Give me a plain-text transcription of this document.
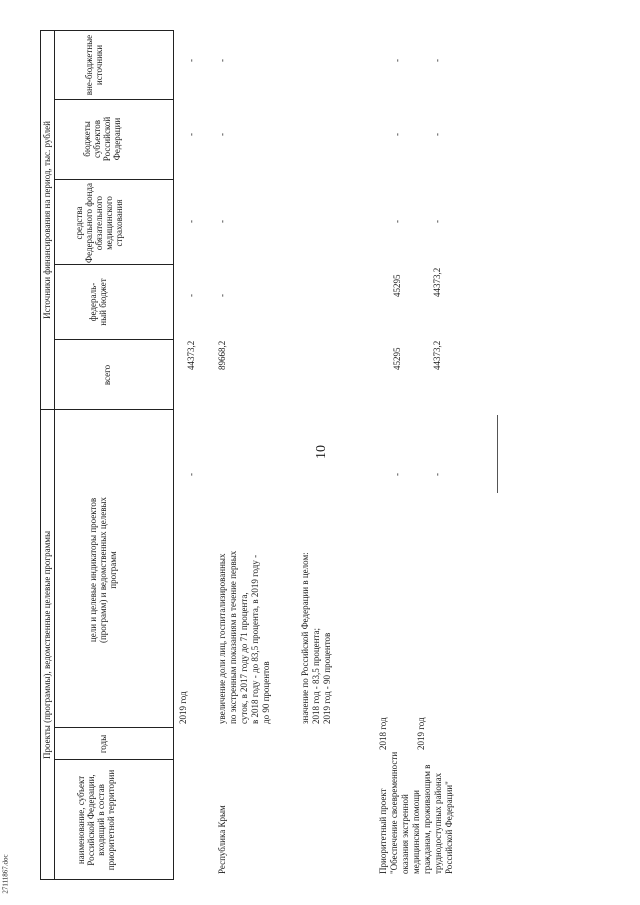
10
27111867.doc
Проекты (программы), ведомственные целевые программы
Источники финансирования на период, тыс. рублей
наименование, субъект Российской Федерации, входящий в состав приоритетной территории
годы
цели и целевые индикаторы проектов (программ) и ведомственных целевых программ
всего
федераль-ный бюджет
средства Федерального фонда обязательного медицинского страхования
бюджеты субъектов Российской Федерации
вне-бюджетные источники
2019 год
-
44373,2
-
-
-
-
Республика Крым
увеличение доли лиц, госпитализированных по экстренным показаниям в течение первых суток, в 2017 году до 71 процента, в 2018 году - до 83,5 процента, в 2019 году - до 90 процентов	значение по Российской Федерации в целом: 2018 год - 83,5 процента; 2019 год - 90 процентов
89668,2
-
-
-
-
Приоритетный проект "Обеспечение своевременности оказания экстренной медицинской помощи гражданам, проживающим в труднодоступных районах Российской Федерации"
2018 год
-
45295
45295
-
-
-
2019 год
-
44373,2
44373,2
-
-
-
